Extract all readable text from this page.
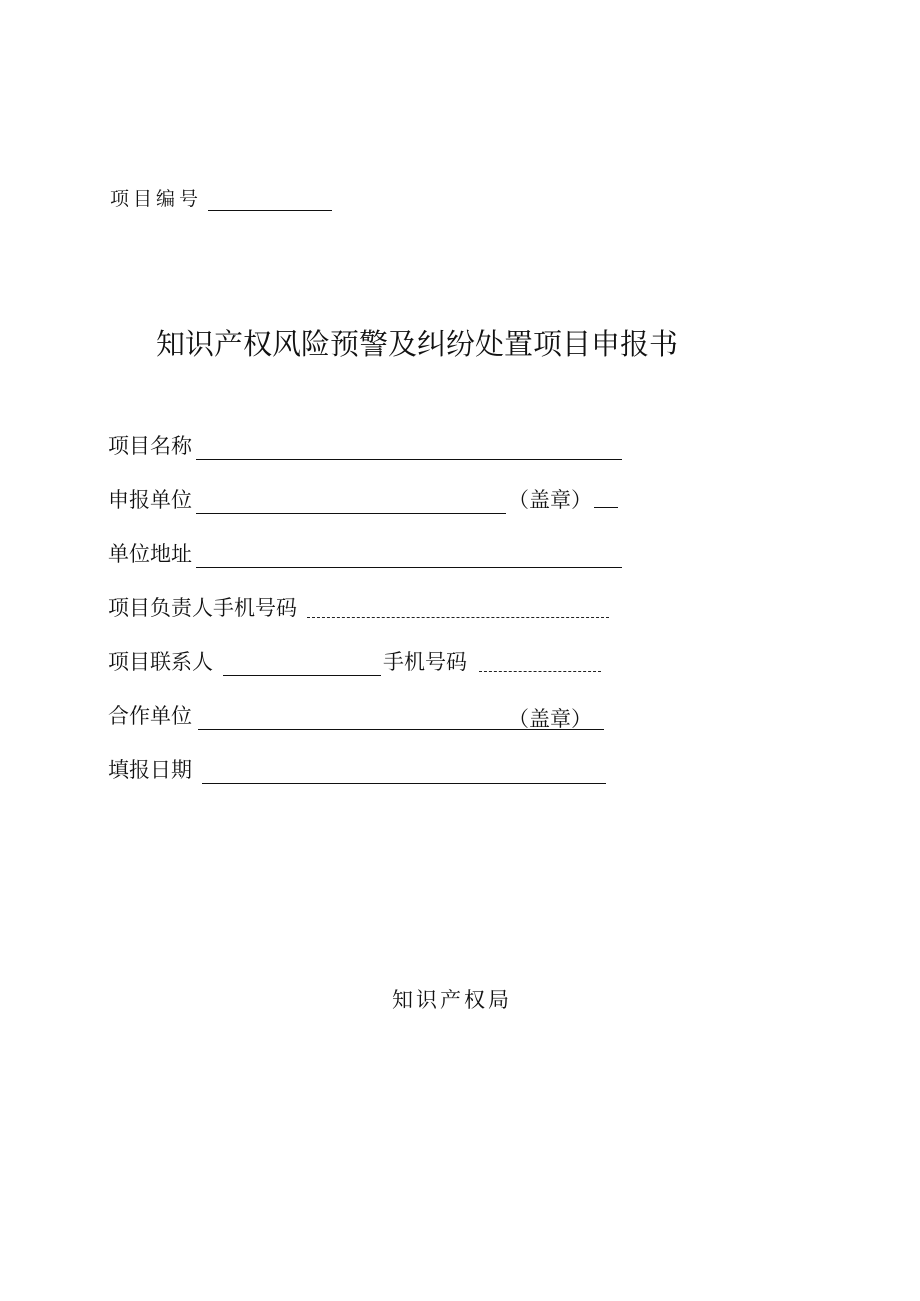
项目编号
知识产权风险预警及纠纷处置项目申报书
项目名称
申报单位	（盖章）
单位地址
项目负责人手机号码
项目联系人	手机号码
合作单位	（盖章）
填报日期
知识产权局
